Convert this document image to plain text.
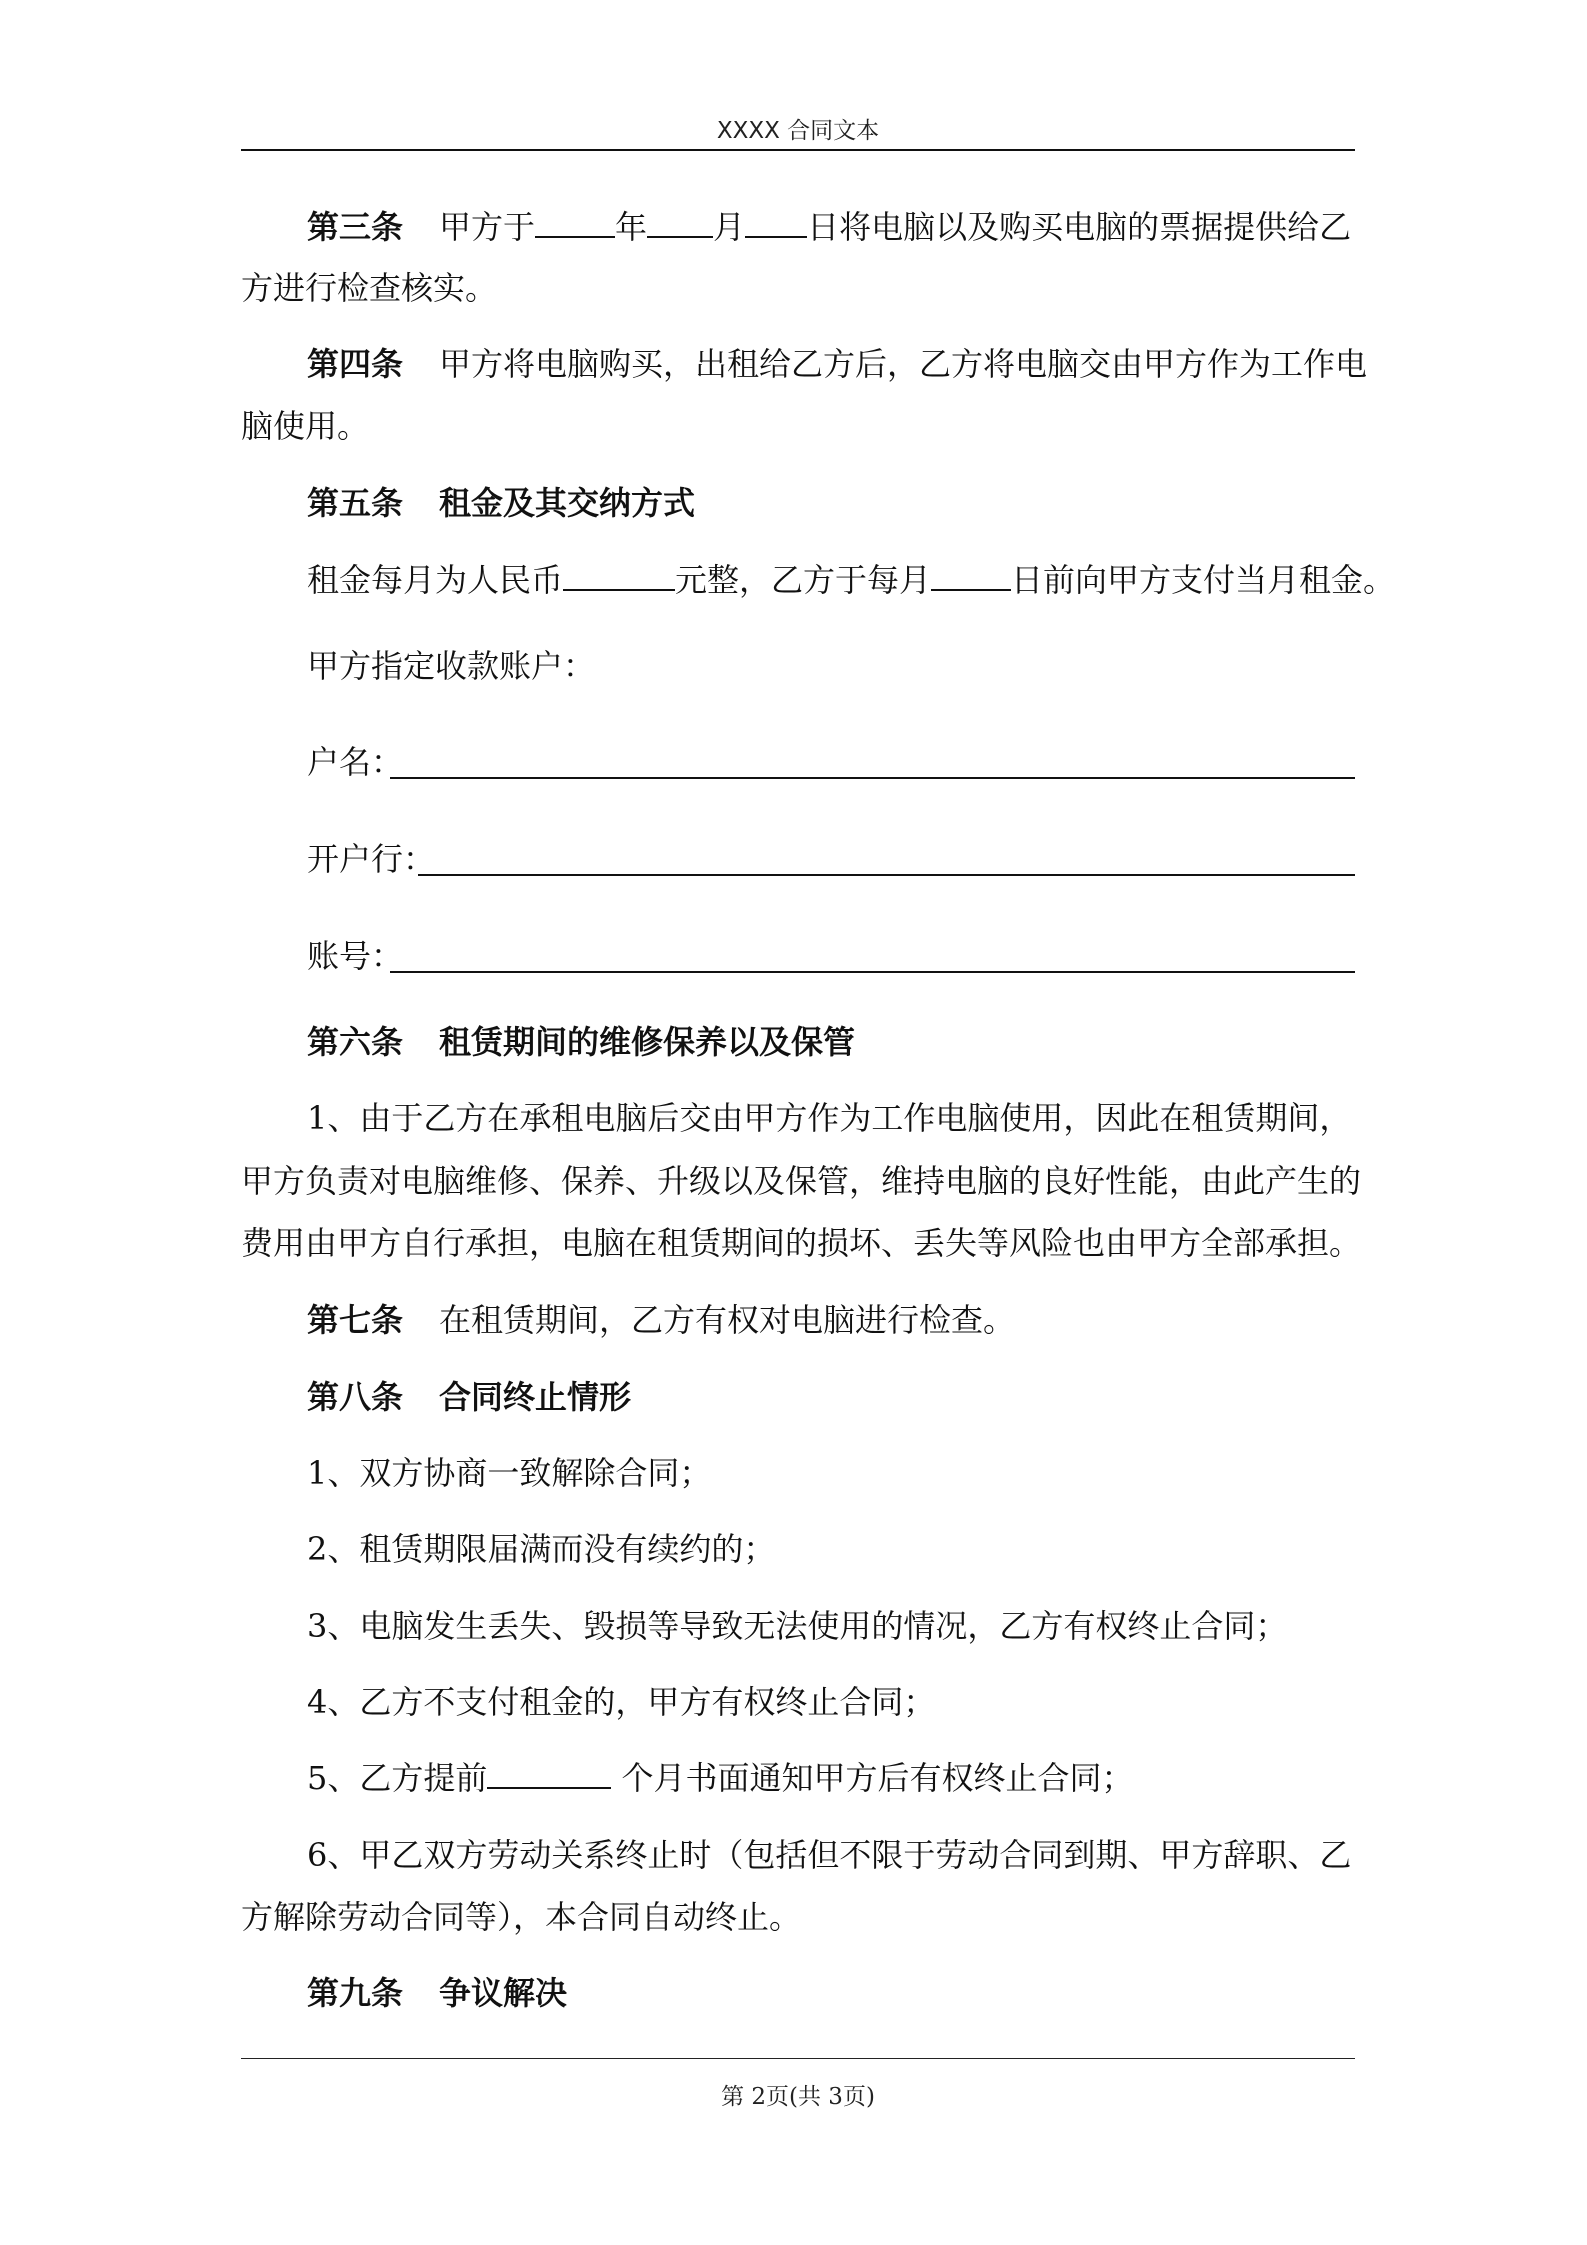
XXXX 合同文本
第三条 甲方于	年 月 日将电脑以及购买电脑的票据提供给乙
方进行检查核实。
第四条 甲方将电脑购买，出租给乙方后，乙方将电脑交由甲方作为工作电
脑使用。
第五条 租金及其交纳方式
租金每月为人民币	元整，乙方于每月	日前向甲方支付当月租金。
甲方指定收款账户：
户名：
开户行：
账号：
第六条 租赁期间的维修保养以及保管
1、由于乙方在承租电脑后交由甲方作为工作电脑使用，因此在租赁期间，
甲方负责对电脑维修、保养、升级以及保管，维持电脑的良好性能，由此产生的
费用由甲方自行承担，电脑在租赁期间的损坏、丢失等风险也由甲方全部承担。
第七条 在租赁期间，乙方有权对电脑进行检查。
第八条 合同终止情形
1、双方协商一致解除合同；
2、租赁期限届满而没有续约的；
3、电脑发生丢失、毁损等导致无法使用的情况，乙方有权终止合同；
4、乙方不支付租金的，甲方有权终止合同；
5、乙方提前	个月书面通知甲方后有权终止合同；
6、甲乙双方劳动关系终止时（包括但不限于劳动合同到期、甲方辞职、乙
方解除劳动合同等），本合同自动终止。
第九条 争议解决
第 2页(共 3页)
